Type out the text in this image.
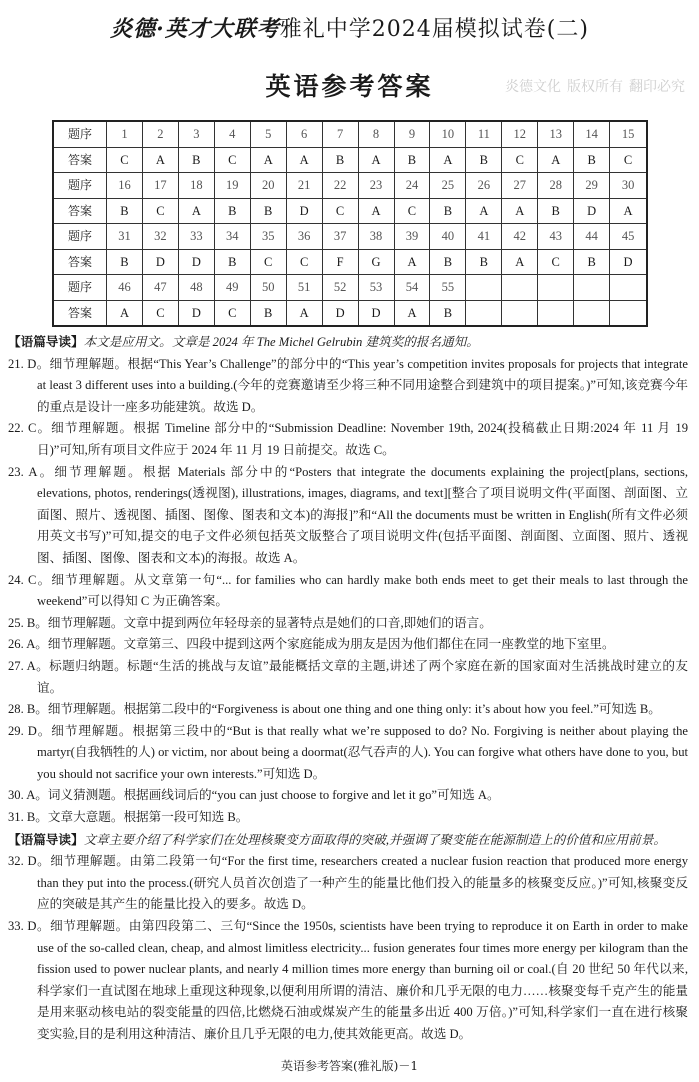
炎德·英才大联考雅礼中学2024届模拟试卷(二)
英语参考答案	炎德文化 版权所有 翻印必究
题序	1	2	3	4	5	6	7	8	9	10	11	12	13	14	15
答案	C	A	B	C	A	A	B	A	B	A	B	C	A	B	C
题序	16	17	18	19	20	21	22	23	24	25	26	27	28	29	30
答案	B	C	A	B	B	D	C	A	C	B	A	A	B	D	A
题序	31	32	33	34	35	36	37	38	39	40	41	42	43	44	45
答案	B	D	D	B	C	C	F	G	A	B	B	A	C	B	D
题序	46	47	48	49	50	51	52	53	54	55					
答案	A	C	D	C	B	A	D	D	A	B					

【语篇导读】本文是应用文。文章是 2024 年 The Michel Gelrubin 建筑奖的报名通知。

21. D。细节理解题。根据“This Year’s Challenge”的部分中的“This year’s competition invites proposals for projects that integrate at least 3 different uses into a building.(今年的竞赛邀请至少将三种不同用途整合到建筑中的项目提案。)”可知,该竞赛今年的重点是设计一座多功能建筑。故选 D。

22. C。细节理解题。根据 Timeline 部分中的“Submission Deadline: November 19th, 2024(投稿截止日期:2024 年 11 月 19 日)”可知,所有项目文件应于 2024 年 11 月 19 日前提交。故选 C。

23. A。细节理解题。根据 Materials 部分中的“Posters that integrate the documents explaining the project[plans, sections, elevations, photos, renderings(透视图), illustrations, images, diagrams, and text][整合了项目说明文件(平面图、剖面图、立面图、照片、透视图、插图、图像、图表和文本)的海报]”和“All the documents must be written in English(所有文件必须用英文书写)”可知,提交的电子文件必须包括英文版整合了项目说明文件(包括平面图、剖面图、立面图、照片、透视图、插图、图像、图表和文本)的海报。故选 A。

24. C。细节理解题。从文章第一句“... for families who can hardly make both ends meet to get their meals to last through the weekend”可以得知 C 为正确答案。

25. B。细节理解题。文章中提到两位年轻母亲的显著特点是她们的口音,即她们的语言。

26. A。细节理解题。文章第三、四段中提到这两个家庭能成为朋友是因为他们都住在同一座教堂的地下室里。

27. A。标题归纳题。标题“生活的挑战与友谊”最能概括文章的主题,讲述了两个家庭在新的国家面对生活挑战时建立的友谊。

28. B。细节理解题。根据第二段中的“Forgiveness is about one thing and one thing only: it’s about how you feel.”可知选 B。

29. D。细节理解题。根据第三段中的“But is that really what we’re supposed to do? No. Forgiving is neither about playing the martyr(自我牺牲的人) or victim, nor about being a doormat(忍气吞声的人). You can forgive what others have done to you, but you should not sacrifice your own interests.”可知选 D。

30. A。词义猜测题。根据画线词后的“you can just choose to forgive and let it go”可知选 A。

31. B。文章大意题。根据第一段可知选 B。

【语篇导读】文章主要介绍了科学家们在处理核聚变方面取得的突破,并强调了聚变能在能源制造上的价值和应用前景。

32. D。细节理解题。由第二段第一句“For the first time, researchers created a nuclear fusion reaction that produced more energy than they put into the process.(研究人员首次创造了一种产生的能量比他们投入的能量多的核聚变反应。)”可知,核聚变反应的突破是其产生的能量比投入的要多。故选 D。

33. D。细节理解题。由第四段第二、三句“Since the 1950s, scientists have been trying to reproduce it on Earth in order to make use of the so-called clean, cheap, and almost limitless electricity... fusion generates four times more energy per kilogram than the fission used to power nuclear plants, and nearly 4 million times more energy than burning oil or coal.(自 20 世纪 50 年代以来,科学家们一直试图在地球上重现这种现象,以便利用所谓的清洁、廉价和几乎无限的电力……核聚变每千克产生的能量是用来驱动核电站的裂变能量的四倍,比燃烧石油或煤炭产生的能量多出近 400 万倍。)”可知,科学家们一直在进行核聚变实验,目的是利用这种清洁、廉价且几乎无限的电力,使其效能更高。故选 D。

英语参考答案(雅礼版)－1
